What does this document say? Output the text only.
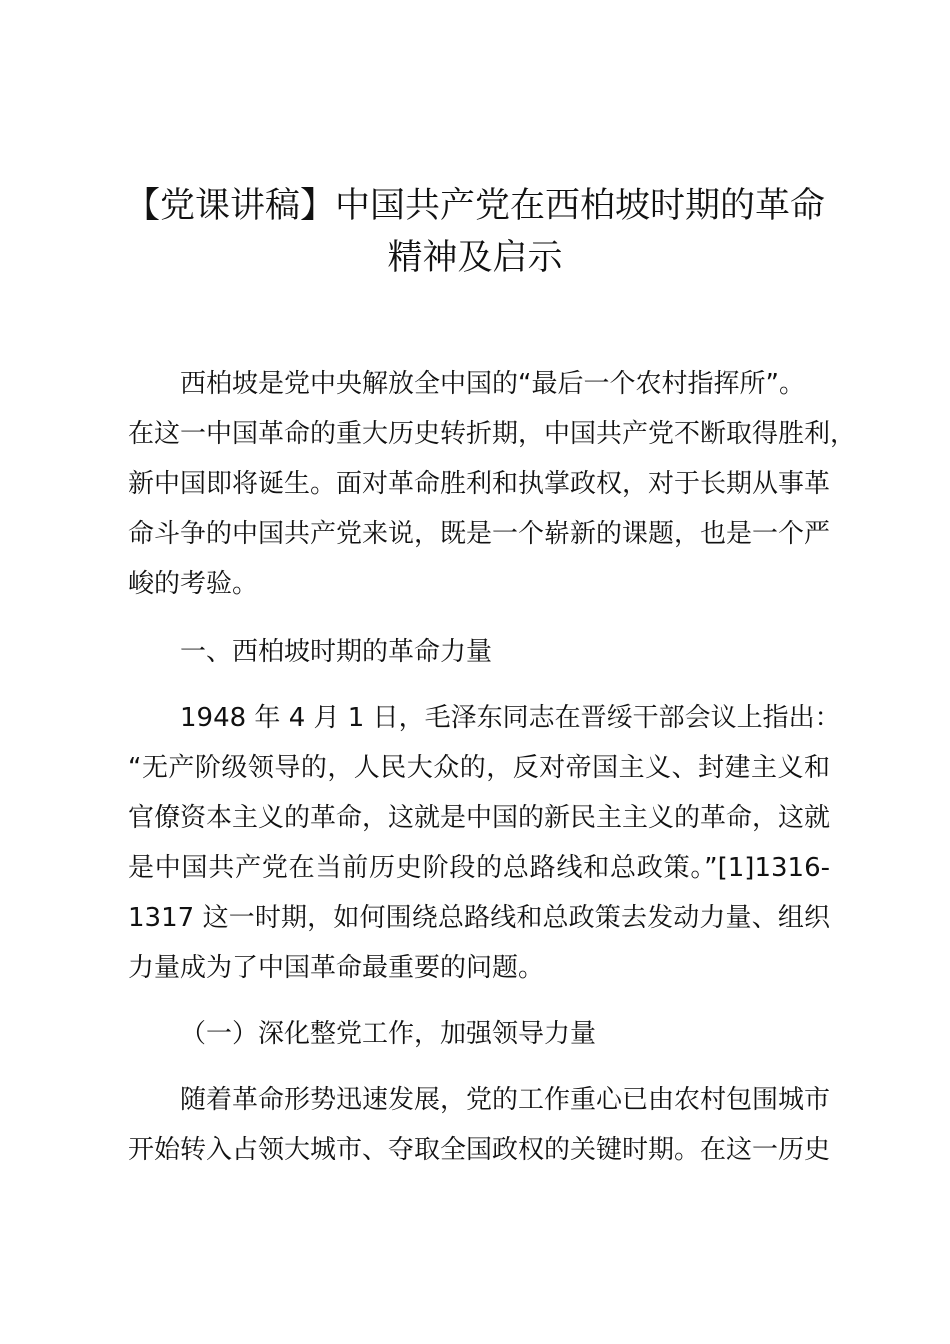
【党课讲稿】中国共产党在西柏坡时期的革命
精神及启示
西柏坡是党中央解放全中国的“最后一个农村指挥所”。
在这一中国革命的重大历史转折期，中国共产党不断取得胜利，
新中国即将诞生。面对革命胜利和执掌政权，对于长期从事革
命斗争的中国共产党来说，既是一个崭新的课题，也是一个严
峻的考验。
一、西柏坡时期的革命力量
1948 年 4 月 1 日，毛泽东同志在晋绥干部会议上指出：
“无产阶级领导的，人民大众的，反对帝国主义、封建主义和
官僚资本主义的革命，这就是中国的新民主主义的革命，这就
是中国共产党在当前历史阶段的总路线和总政策。”[1]1316-
1317 这一时期，如何围绕总路线和总政策去发动力量、组织
力量成为了中国革命最重要的问题。
（一）深化整党工作，加强领导力量
随着革命形势迅速发展，党的工作重心已由农村包围城市
开始转入占领大城市、夺取全国政权的关键时期。在这一历史
